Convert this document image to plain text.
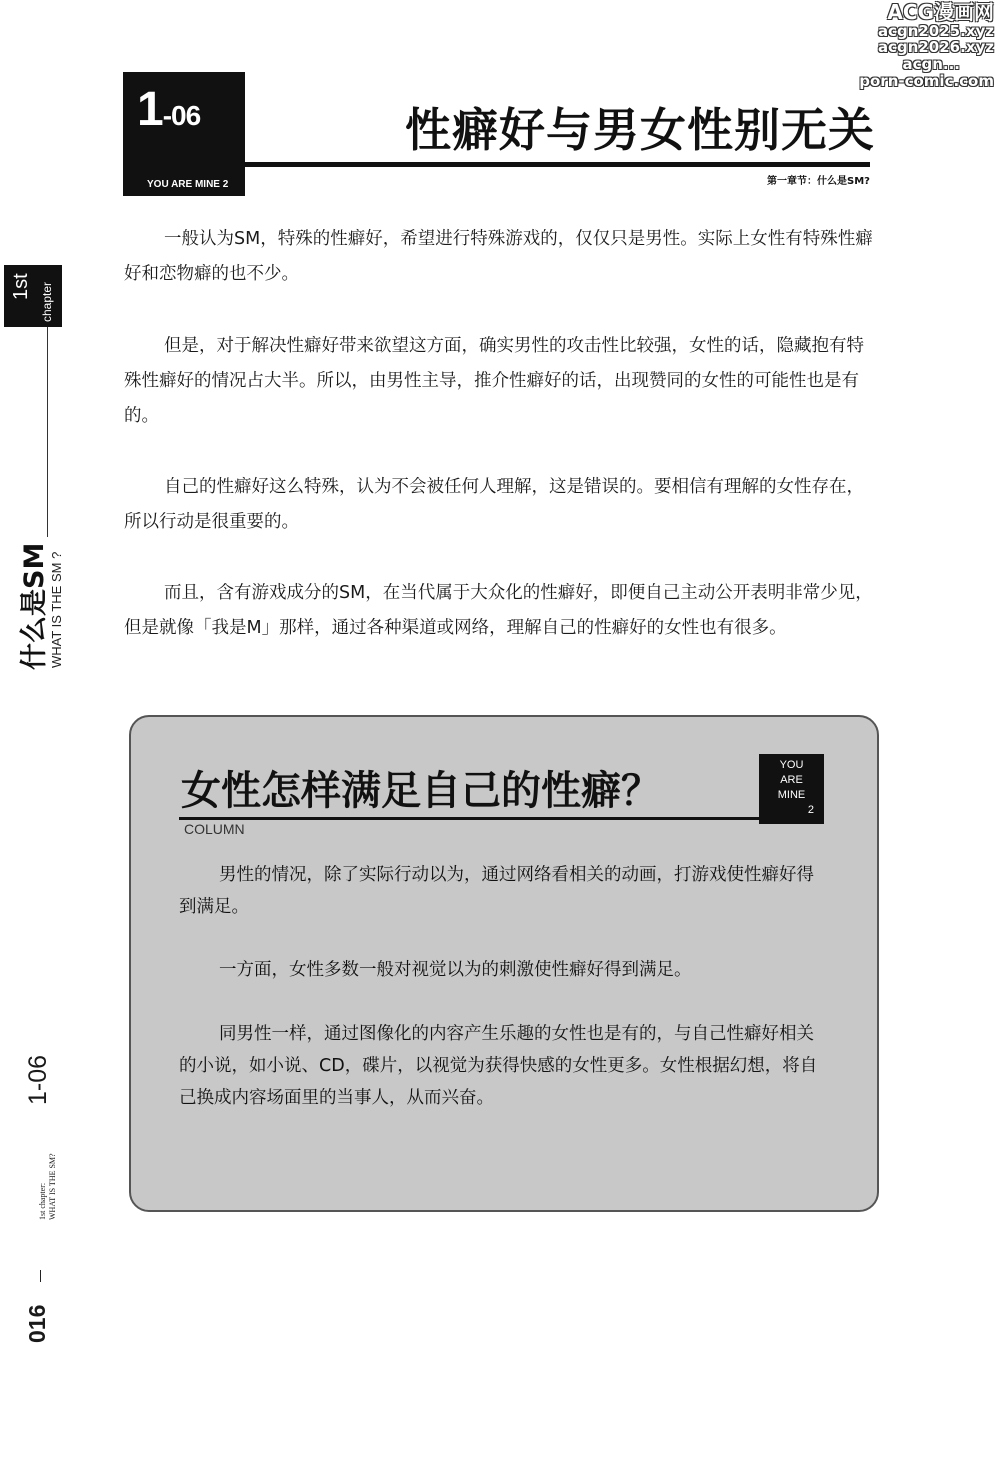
ACG漫画网
acgn2025.xyz
acgn2026.xyz
acgn...
porn-comic.com
1-06
YOU ARE MINE 2
性癖好与男女性别无关
第一章节：什么是SM?
1st chapter
什么是SM WHAT IS THE SM ?
1-06
1st chapter: WHAT IS THE SM?
016

一般认为SM，特殊的性癖好，希望进行特殊游戏的，仅仅只是男性。实际上女性有特殊性癖好和恋物癖的也不少。

但是，对于解决性癖好带来欲望这方面，确实男性的攻击性比较强，女性的话，隐藏抱有特殊性癖好的情况占大半。所以，由男性主导，推介性癖好的话，出现赞同的女性的可能性也是有的。

自己的性癖好这么特殊，认为不会被任何人理解，这是错误的。要相信有理解的女性存在，所以行动是很重要的。

而且，含有游戏成分的SM，在当代属于大众化的性癖好，即便自己主动公开表明非常少见，但是就像「我是M」那样，通过各种渠道或网络，理解自己的性癖好的女性也有很多。

女性怎样满足自己的性癖？
COLUMN
YOU
ARE
MINE
2

男性的情况，除了实际行动以为，通过网络看相关的动画，打游戏使性癖好得到满足。

一方面，女性多数一般对视觉以为的刺激使性癖好得到满足。

同男性一样，通过图像化的内容产生乐趣的女性也是有的，与自己性癖好相关的小说，如小说、CD，碟片，以视觉为获得快感的女性更多。女性根据幻想，将自己换成内容场面里的当事人，从而兴奋。
